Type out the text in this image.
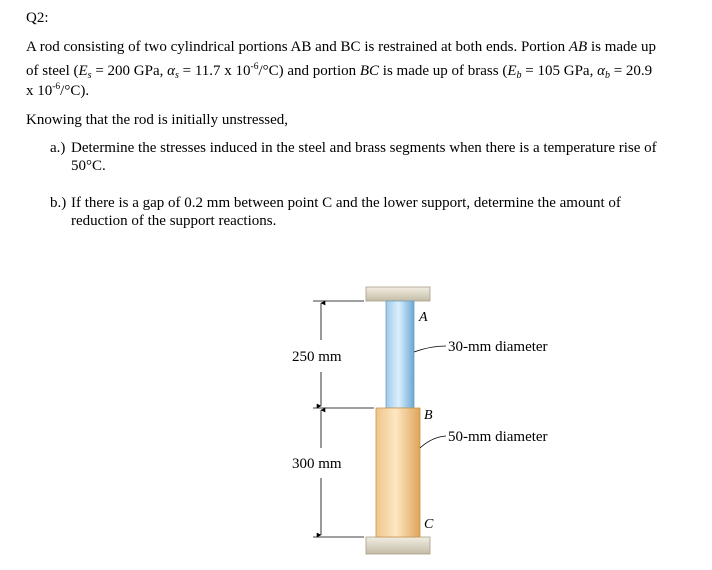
Q2:
A rod consisting of two cylindrical portions AB and BC is restrained at both ends. Portion AB is made up
of steel ($E_s = 200$ GPa, $\alpha_s = 11.7$ x $10^{-6}/^\circ C$) and portion BC is made up of brass ($E_b = 105$ GPa, $\alpha_b = 20.9$
x $10^{-6}/^\circ C$).
Knowing that the rod is initially unstressed,
a.) Determine the stresses induced in the steel and brass segments when there is a temperature rise of
50°C.
b.) If there is a gap of 0.2 mm between point C and the lower support, determine the amount of
reduction of the support reactions.
A
B
C
30-mm diameter
50-mm diameter
250 mm
300 mm
